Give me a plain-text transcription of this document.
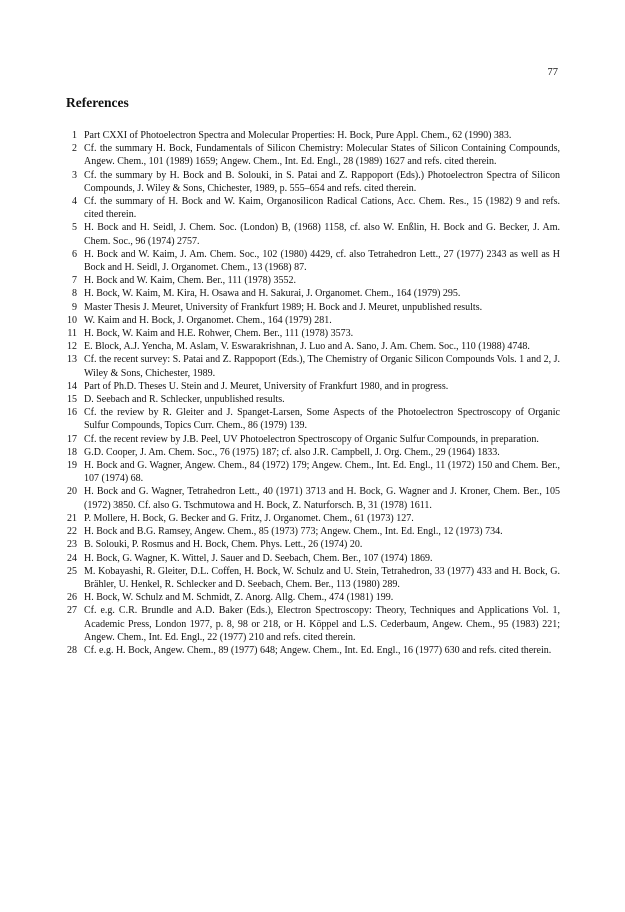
77
References
1 Part CXXI of Photoelectron Spectra and Molecular Properties: H. Bock, Pure Appl. Chem., 62 (1990) 383.
2 Cf. the summary H. Bock, Fundamentals of Silicon Chemistry: Molecular States of Silicon Containing Compounds, Angew. Chem., 101 (1989) 1659; Angew. Chem., Int. Ed. Engl., 28 (1989) 1627 and refs. cited therein.
3 Cf. the summary by H. Bock and B. Solouki, in S. Patai and Z. Rappoport (Eds).) Photoelectron Spectra of Silicon Compounds, J. Wiley & Sons, Chichester, 1989, p. 555–654 and refs. cited therein.
4 Cf. the summary of H. Bock and W. Kaim, Organosilicon Radical Cations, Acc. Chem. Res., 15 (1982) 9 and refs. cited therein.
5 H. Bock and H. Seidl, J. Chem. Soc. (London) B, (1968) 1158, cf. also W. Enßlin, H. Bock and G. Becker, J. Am. Chem. Soc., 96 (1974) 2757.
6 H. Bock and W. Kaim, J. Am. Chem. Soc., 102 (1980) 4429, cf. also Tetrahedron Lett., 27 (1977) 2343 as well as H Bock and H. Seidl, J. Organomet. Chem., 13 (1968) 87.
7 H. Bock and W. Kaim, Chem. Ber., 111 (1978) 3552.
8 H. Bock, W. Kaim, M. Kira, H. Osawa and H. Sakurai, J. Organomet. Chem., 164 (1979) 295.
9 Master Thesis J. Meuret, University of Frankfurt 1989; H. Bock and J. Meuret, unpublished results.
10 W. Kaim and H. Bock, J. Organomet. Chem., 164 (1979) 281.
11 H. Bock, W. Kaim and H.E. Rohwer, Chem. Ber., 111 (1978) 3573.
12 E. Block, A.J. Yencha, M. Aslam, V. Eswarakrishnan, J. Luo and A. Sano, J. Am. Chem. Soc., 110 (1988) 4748.
13 Cf. the recent survey: S. Patai and Z. Rappoport (Eds.), The Chemistry of Organic Silicon Compounds Vols. 1 and 2, J. Wiley & Sons, Chichester, 1989.
14 Part of Ph.D. Theses U. Stein and J. Meuret, University of Frankfurt 1980, and in progress.
15 D. Seebach and R. Schlecker, unpublished results.
16 Cf. the review by R. Gleiter and J. Spanget-Larsen, Some Aspects of the Photoelectron Spectroscopy of Organic Sulfur Compounds, Topics Curr. Chem., 86 (1979) 139.
17 Cf. the recent review by J.B. Peel, UV Photoelectron Spectroscopy of Organic Sulfur Compounds, in preparation.
18 G.D. Cooper, J. Am. Chem. Soc., 76 (1975) 187; cf. also J.R. Campbell, J. Org. Chem., 29 (1964) 1833.
19 H. Bock and G. Wagner, Angew. Chem., 84 (1972) 179; Angew. Chem., Int. Ed. Engl., 11 (1972) 150 and Chem. Ber., 107 (1974) 68.
20 H. Bock and G. Wagner, Tetrahedron Lett., 40 (1971) 3713 and H. Bock, G. Wagner and J. Kroner, Chem. Ber., 105 (1972) 3850. Cf. also G. Tschmutowa and H. Bock, Z. Naturforsch. B, 31 (1978) 1611.
21 P. Mollere, H. Bock, G. Becker and G. Fritz, J. Organomet. Chem., 61 (1973) 127.
22 H. Bock and B.G. Ramsey, Angew. Chem., 85 (1973) 773; Angew. Chem., Int. Ed. Engl., 12 (1973) 734.
23 B. Solouki, P. Rosmus and H. Bock, Chem. Phys. Lett., 26 (1974) 20.
24 H. Bock, G. Wagner, K. Wittel, J. Sauer and D. Seebach, Chem. Ber., 107 (1974) 1869.
25 M. Kobayashi, R. Gleiter, D.L. Coffen, H. Bock, W. Schulz and U. Stein, Tetrahedron, 33 (1977) 433 and H. Bock, G. Brähler, U. Henkel, R. Schlecker and D. Seebach, Chem. Ber., 113 (1980) 289.
26 H. Bock, W. Schulz and M. Schmidt, Z. Anorg. Allg. Chem., 474 (1981) 199.
27 Cf. e.g. C.R. Brundle and A.D. Baker (Eds.), Electron Spectroscopy: Theory, Techniques and Applications Vol. 1, Academic Press, London 1977, p. 8, 98 or 218, or H. Köppel and L.S. Cederbaum, Angew. Chem., 95 (1983) 221; Angew. Chem., Int. Ed. Engl., 22 (1977) 210 and refs. cited therein.
28 Cf. e.g. H. Bock, Angew. Chem., 89 (1977) 648; Angew. Chem., Int. Ed. Engl., 16 (1977) 630 and refs. cited therein.
